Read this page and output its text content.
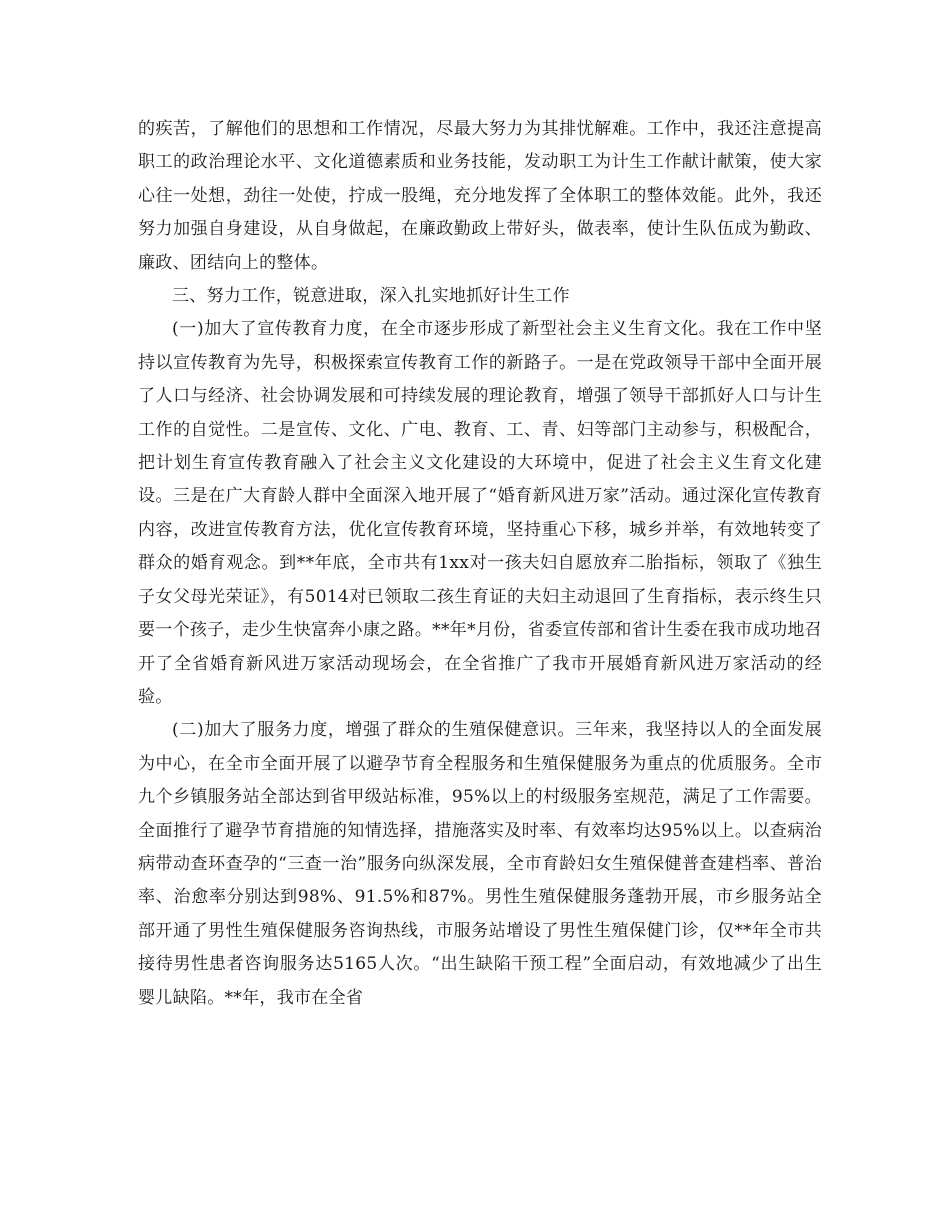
的疾苦，了解他们的思想和工作情况，尽最大努力为其排忧解难。工作中，我还注意提高职工的政治理论水平、文化道德素质和业务技能，发动职工为计生工作献计献策，使大家心往一处想，劲往一处使，拧成一股绳，充分地发挥了全体职工的整体效能。此外，我还努力加强自身建设，从自身做起，在廉政勤政上带好头，做表率，使计生队伍成为勤政、廉政、团结向上的整体。

三、努力工作，锐意进取，深入扎实地抓好计生工作

(一)加大了宣传教育力度，在全市逐步形成了新型社会主义生育文化。我在工作中坚持以宣传教育为先导，积极探索宣传教育工作的新路子。一是在党政领导干部中全面开展了人口与经济、社会协调发展和可持续发展的理论教育，增强了领导干部抓好人口与计生工作的自觉性。二是宣传、文化、广电、教育、工、青、妇等部门主动参与，积极配合，把计划生育宣传教育融入了社会主义文化建设的大环境中，促进了社会主义生育文化建设。三是在广大育龄人群中全面深入地开展了“婚育新风进万家”活动。通过深化宣传教育内容，改进宣传教育方法，优化宣传教育环境，坚持重心下移，城乡并举，有效地转变了群众的婚育观念。到**年底，全市共有1xx对一孩夫妇自愿放弃二胎指标，领取了《独生子女父母光荣证》，有5014对已领取二孩生育证的夫妇主动退回了生育指标，表示终生只要一个孩子，走少生快富奔小康之路。**年*月份，省委宣传部和省计生委在我市成功地召开了全省婚育新风进万家活动现场会，在全省推广了我市开展婚育新风进万家活动的经验。

(二)加大了服务力度，增强了群众的生殖保健意识。三年来，我坚持以人的全面发展为中心，在全市全面开展了以避孕节育全程服务和生殖保健服务为重点的优质服务。全市九个乡镇服务站全部达到省甲级站标准，95%以上的村级服务室规范，满足了工作需要。全面推行了避孕节育措施的知情选择，措施落实及时率、有效率均达95%以上。以查病治病带动查环查孕的“三查一治”服务向纵深发展，全市育龄妇女生殖保健普查建档率、普治率、治愈率分别达到98%、91.5%和87%。男性生殖保健服务蓬勃开展，市乡服务站全部开通了男性生殖保健服务咨询热线，市服务站增设了男性生殖保健门诊，仅**年全市共接待男性患者咨询服务达5165人次。“出生缺陷干预工程”全面启动，有效地减少了出生婴儿缺陷。**年，我市在全省
